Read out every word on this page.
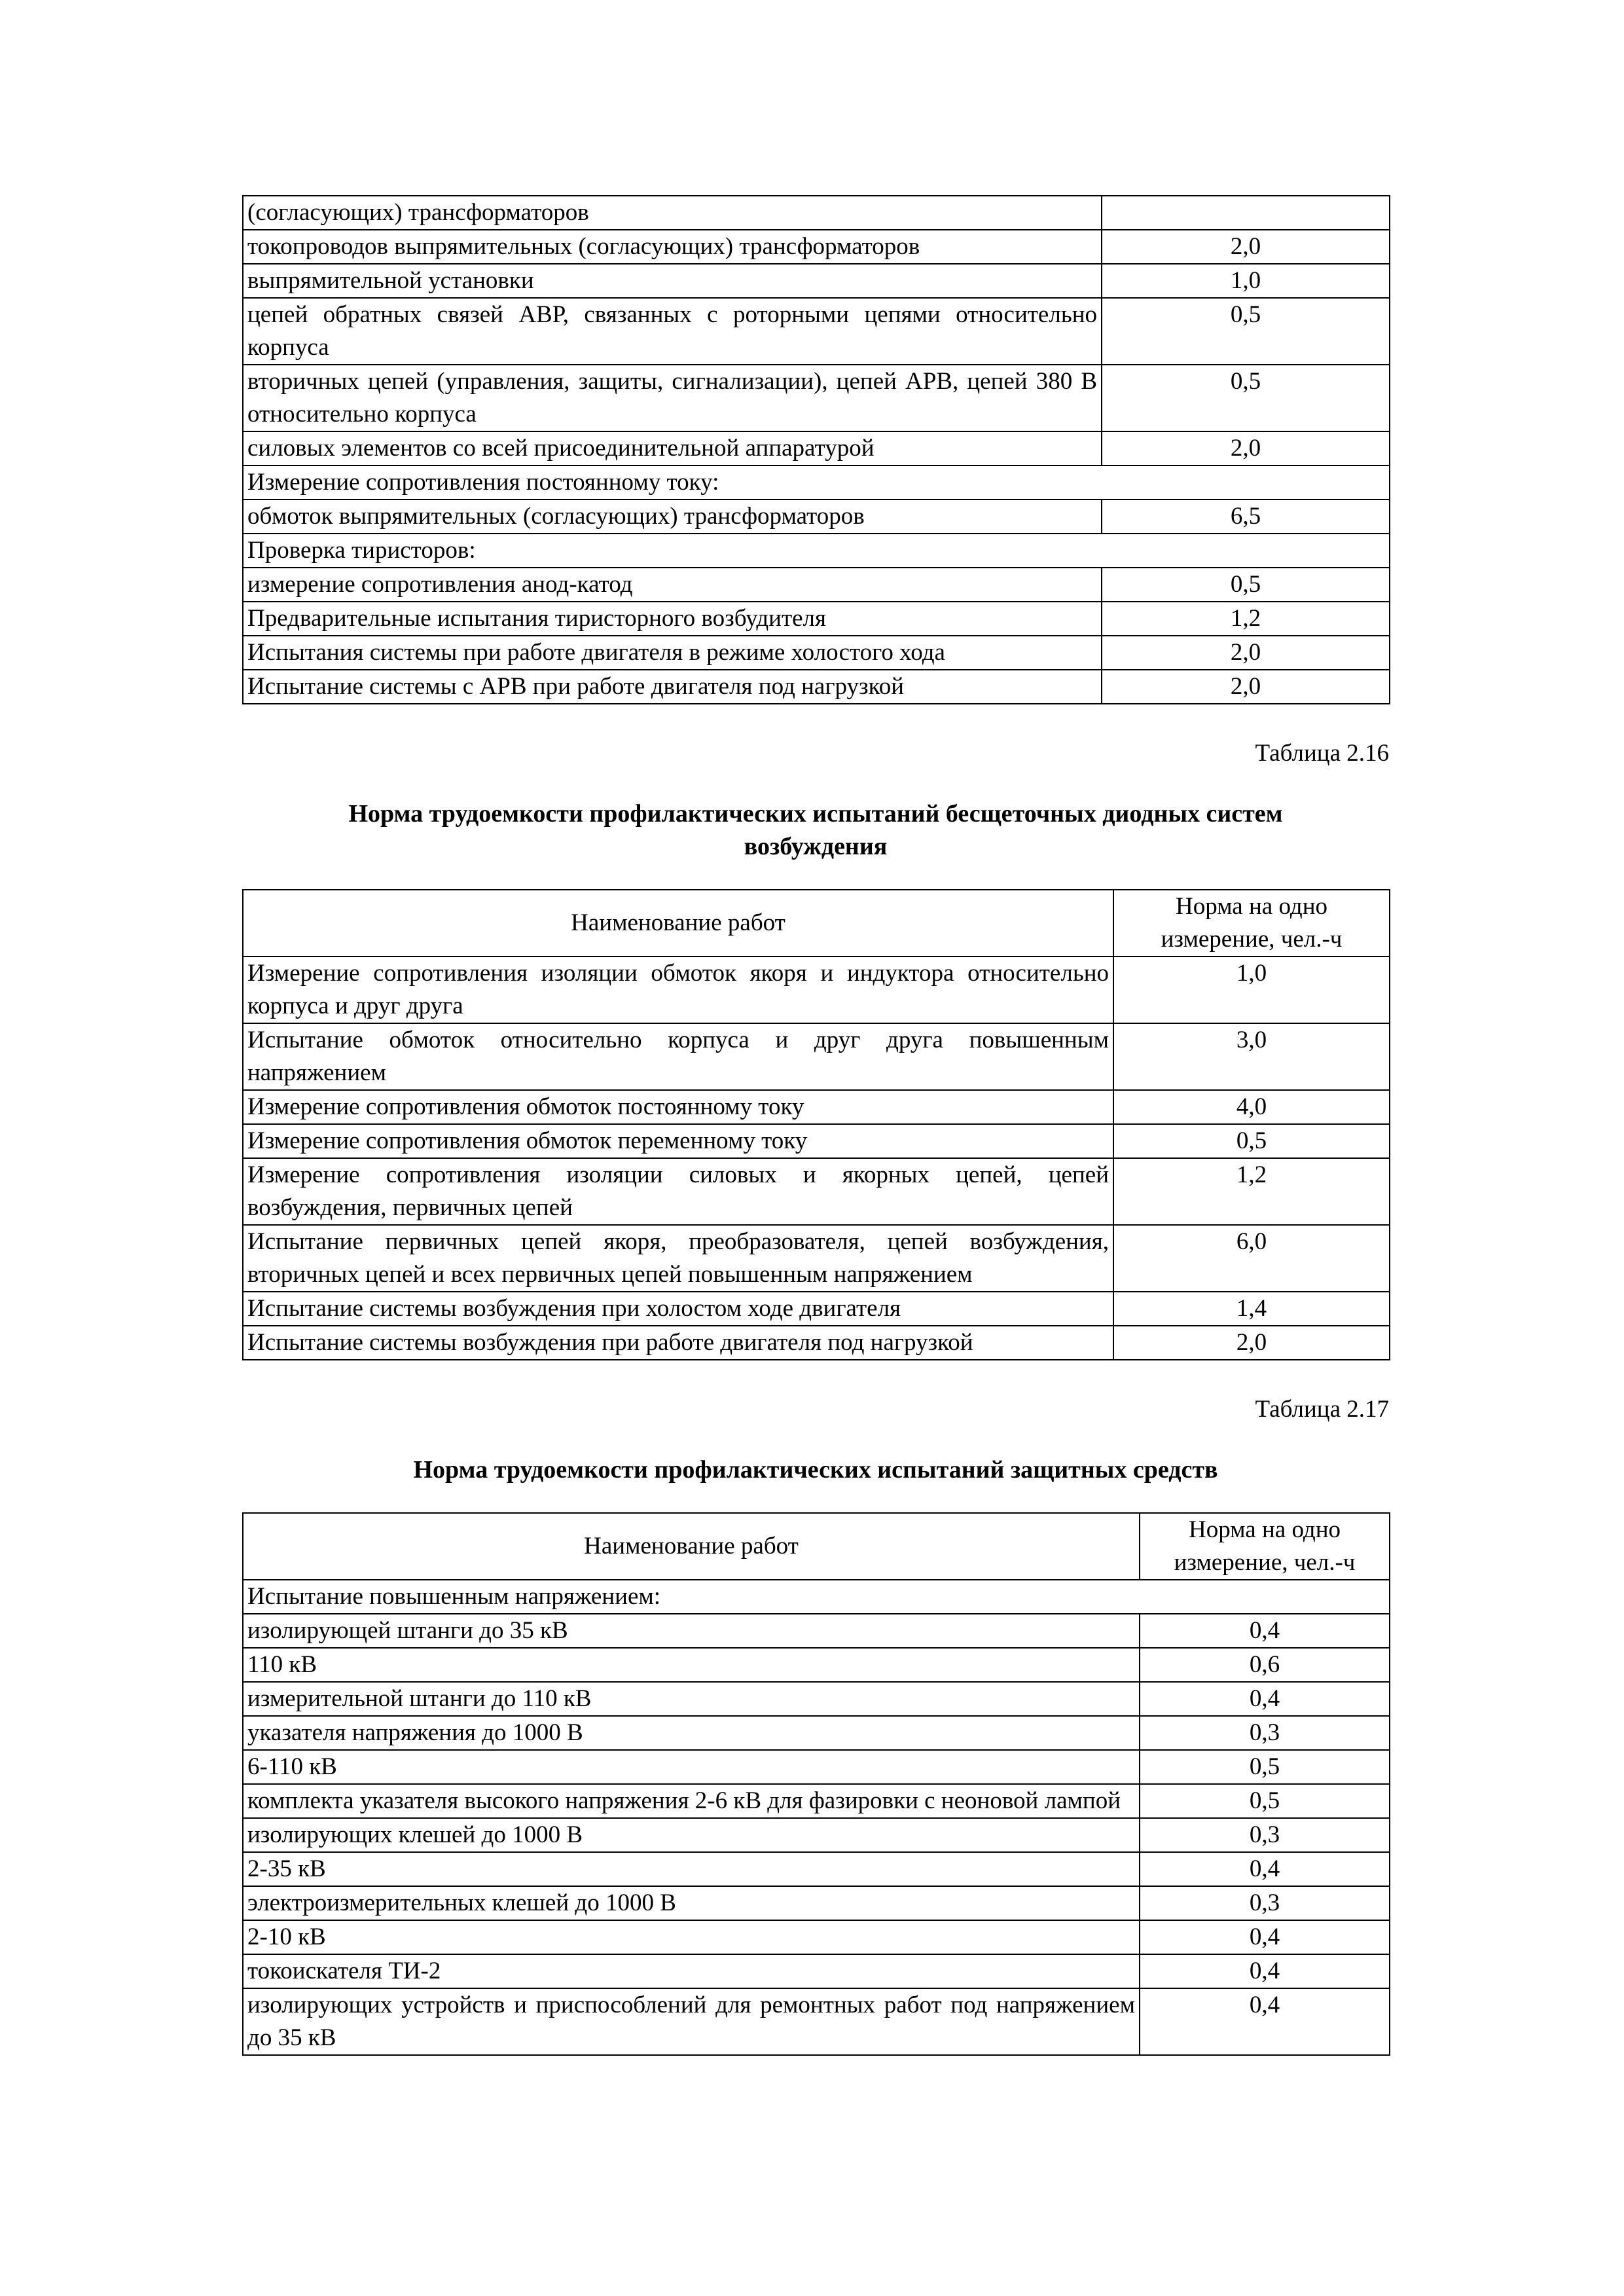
(согласующих) трансформаторов	
токопроводов выпрямительных (согласующих) трансформаторов	2,0
выпрямительной установки	1,0
цепей обратных связей АВР, связанных с роторными цепями относительно корпуса	0,5
вторичных цепей (управления, защиты, сигнализации), цепей АРВ, цепей 380 В относительно корпуса	0,5
силовых элементов со всей присоединительной аппаратурой	2,0
Измерение сопротивления постоянному току:	
обмоток выпрямительных (согласующих) трансформаторов	6,5
Проверка тиристоров:	
измерение сопротивления анод-катод	0,5
Предварительные испытания тиристорного возбудителя	1,2
Испытания системы при работе двигателя в режиме холостого хода	2,0
Испытание системы с АРВ при работе двигателя под нагрузкой	2,0
Таблица 2.16
Норма трудоемкости профилактических испытаний бесщеточных диодных систем возбуждения
Наименование работ	Норма на одно измерение, чел.-ч
Измерение сопротивления изоляции обмоток якоря и индуктора относительно корпуса и друг друга	1,0
Испытание обмоток относительно корпуса и друг друга повышенным напряжением	3,0
Измерение сопротивления обмоток постоянному току	4,0
Измерение сопротивления обмоток переменному току	0,5
Измерение сопротивления изоляции силовых и якорных цепей, цепей возбуждения, первичных цепей	1,2
Испытание первичных цепей якоря, преобразователя, цепей возбуждения, вторичных цепей и всех первичных цепей повышенным напряжением	6,0
Испытание системы возбуждения при холостом ходе двигателя	1,4
Испытание системы возбуждения при работе двигателя под нагрузкой	2,0
Таблица 2.17
Норма трудоемкости профилактических испытаний защитных средств
Наименование работ	Норма на одно измерение, чел.-ч
Испытание повышенным напряжением:	
изолирующей штанги до 35 кВ	0,4
110 кВ	0,6
измерительной штанги до 110 кВ	0,4
указателя напряжения до 1000 В	0,3
6-110 кВ	0,5
комплекта указателя высокого напряжения 2-6 кВ для фазировки с неоновой лампой	0,5
изолирующих клешей до 1000 В	0,3
2-35 кВ	0,4
электроизмерительных клешей до 1000 В	0,3
2-10 кВ	0,4
токоискателя ТИ-2	0,4
изолирующих устройств и приспособлений для ремонтных работ под напряжением до 35 кВ	0,4
